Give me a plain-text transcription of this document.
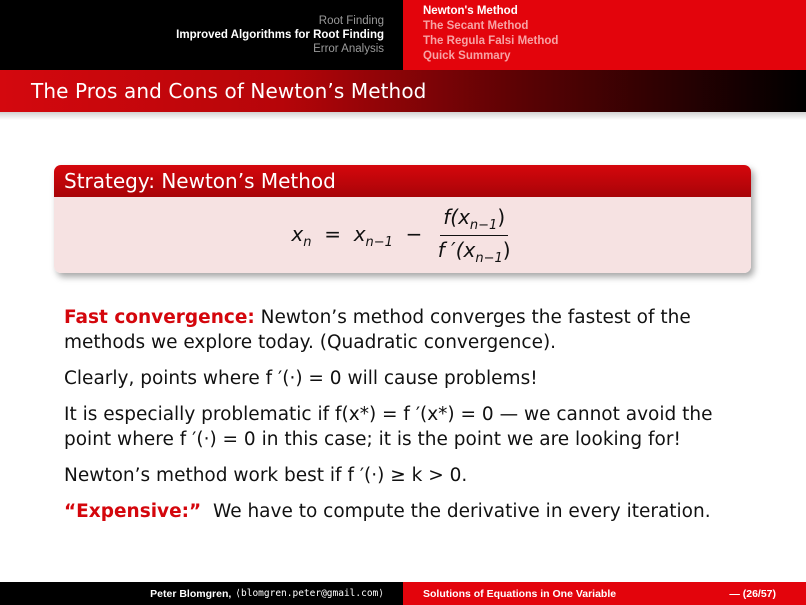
Root Finding
Improved Algorithms for Root Finding
Error Analysis
Newton's Method
The Secant Method
The Regula Falsi Method
Quick Summary
The Pros and Cons of Newton’s Method
Strategy: Newton’s Method
$x_n = x_{n-1} - \frac{f(x_{n-1})}{f '(x_{n-1})}$

Fast convergence: Newton’s method converges the fastest of the methods we explore today. (Quadratic convergence).

Clearly, points where f ′(·) = 0 will cause problems!

It is especially problematic if f(x*) = f ′(x*) = 0 — we cannot avoid the point where f ′(·) = 0 in this case; it is the point we are looking for!

Newton’s method work best if f ′(·) ≥ k > 0.

“Expensive:”  We have to compute the derivative in every iteration.

Peter Blomgren, ⟨blomgren.peter@gmail.com⟩	Solutions of Equations in One Variable	— (26/57)
